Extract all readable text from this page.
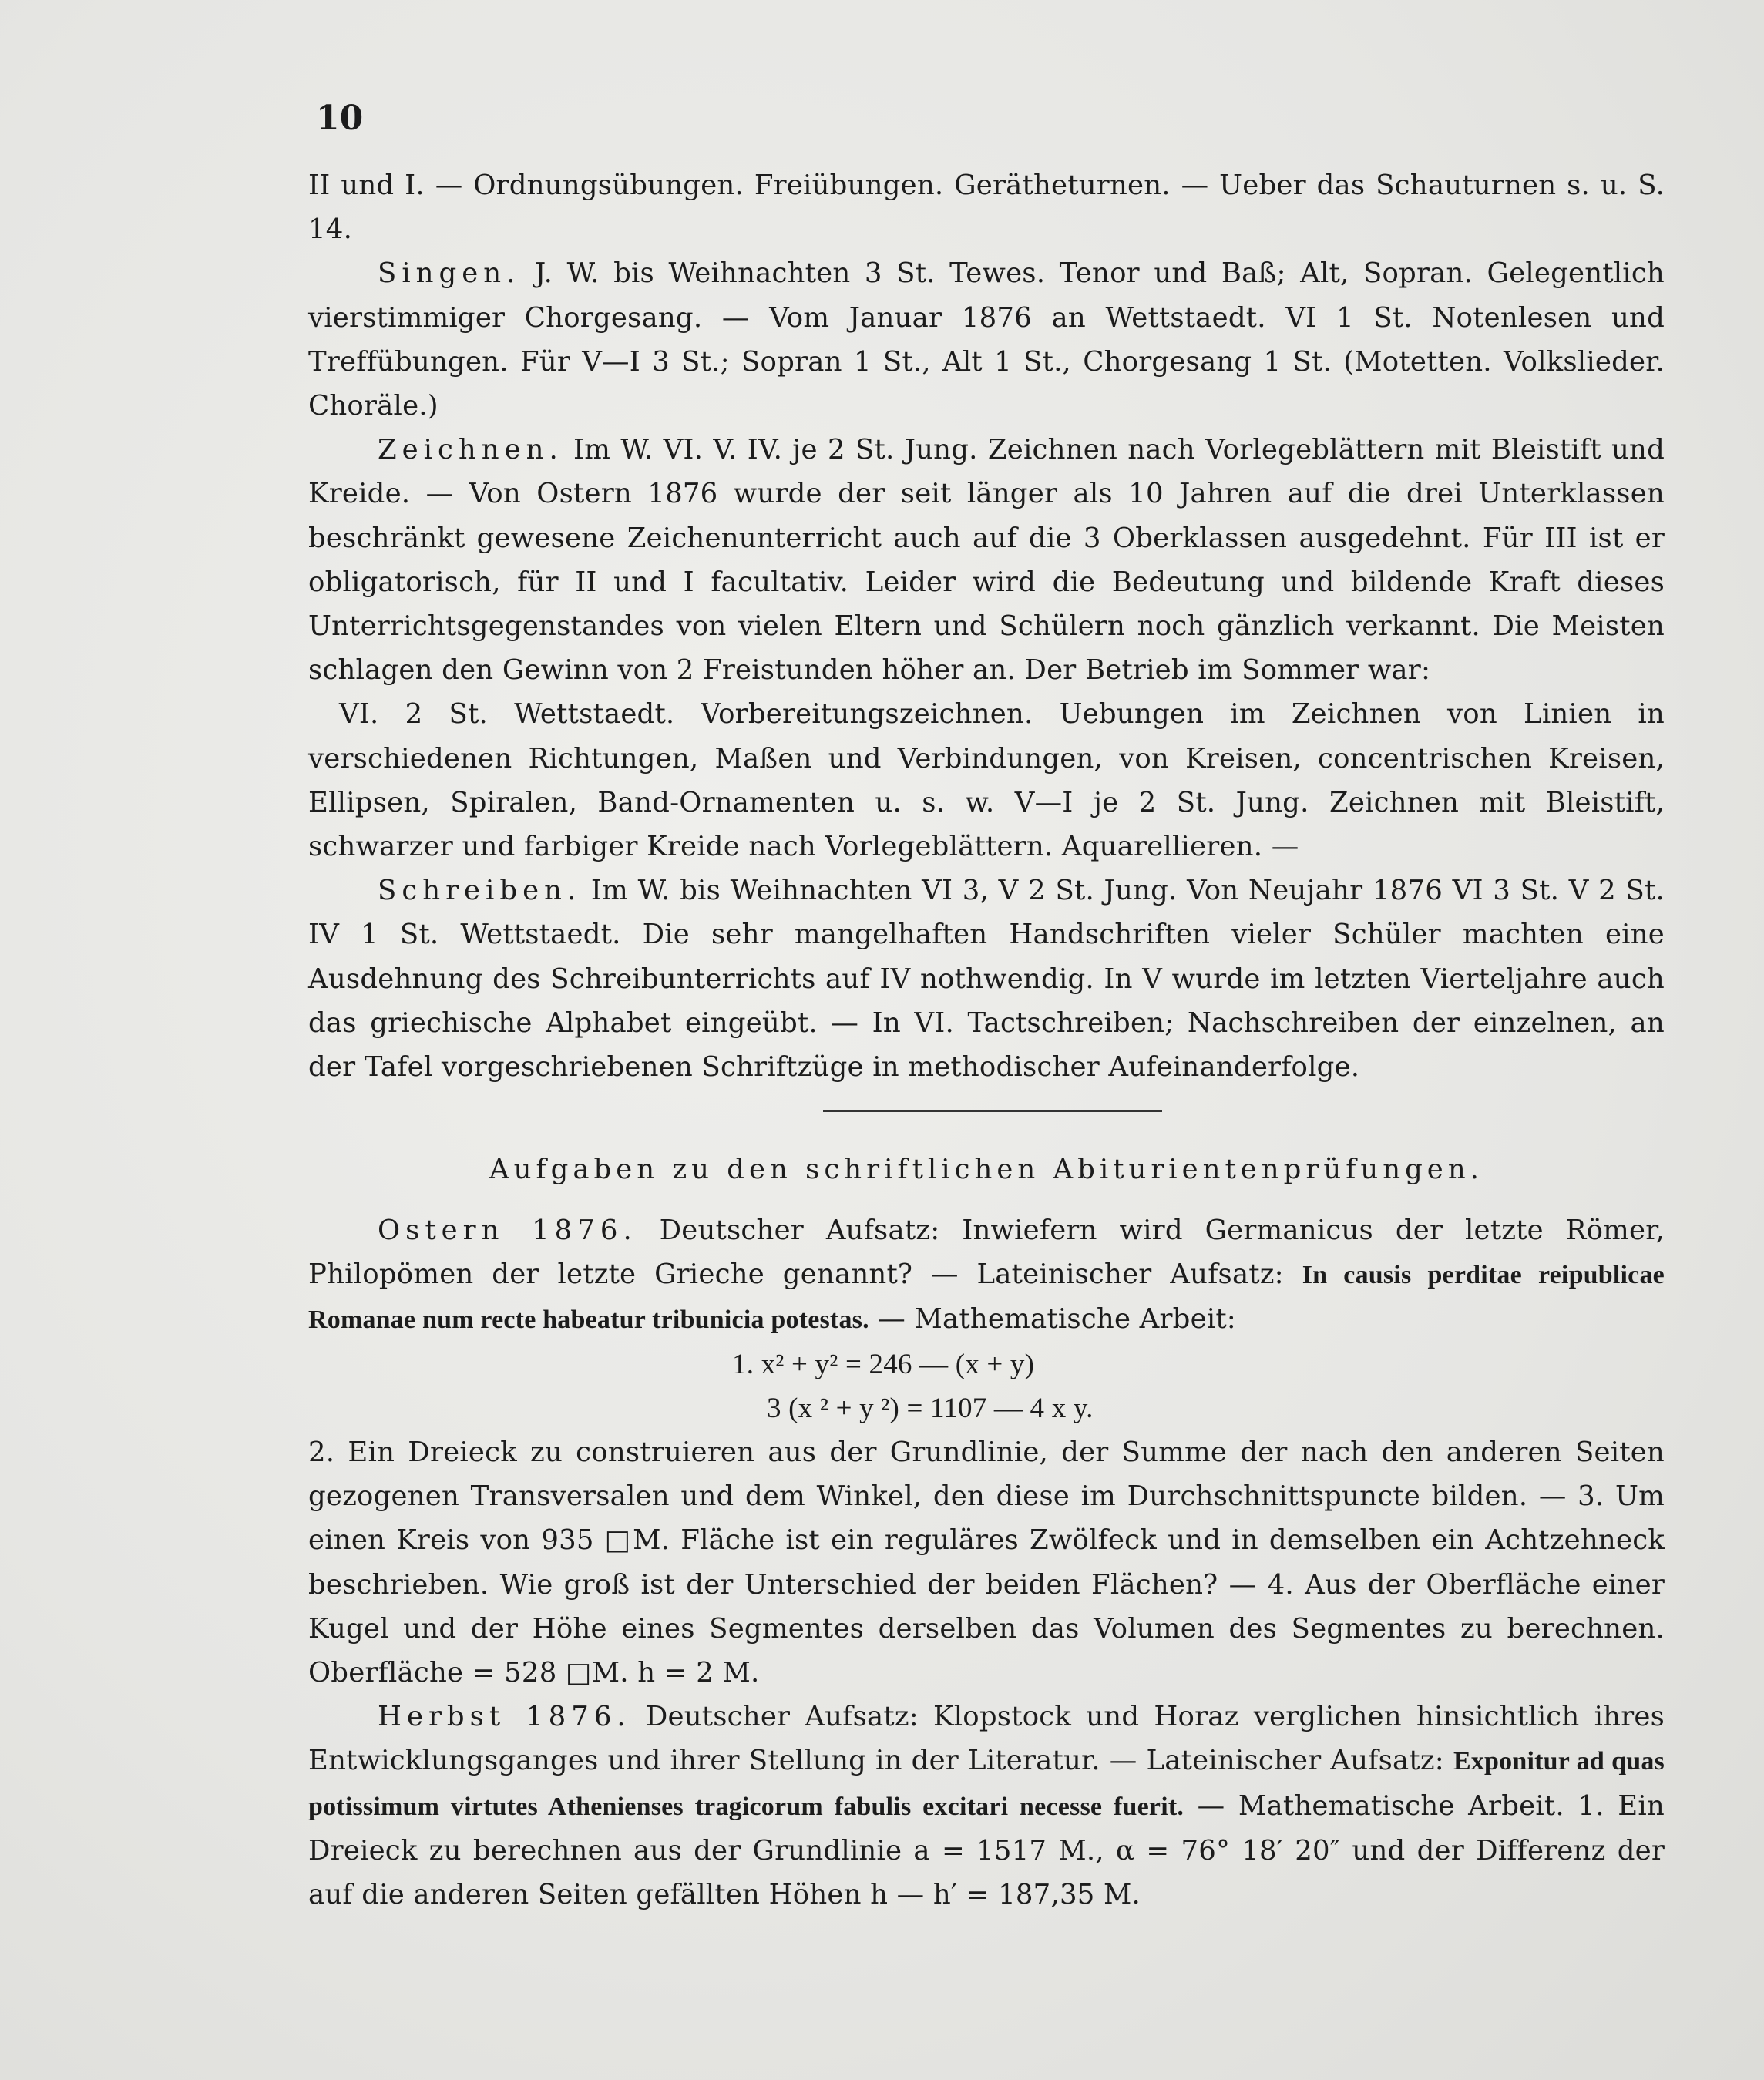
10

II und I. — Ordnungsübungen. Freiübungen. Gerätheturnen. — Ueber das Schauturnen s. u. S. 14.

Singen. J. W. bis Weihnachten 3 St. Tewes. Tenor und Baß; Alt, Sopran. Gelegentlich vierstimmiger Chorgesang. — Vom Januar 1876 an Wettstaedt. VI 1 St. Notenlesen und Treffübungen. Für V—I 3 St.; Sopran 1 St., Alt 1 St., Chorgesang 1 St. (Motetten. Volkslieder. Choräle.)

Zeichnen. Im W. VI. V. IV. je 2 St. Jung. Zeichnen nach Vorlegeblättern mit Bleistift und Kreide. — Von Ostern 1876 wurde der seit länger als 10 Jahren auf die drei Unterklassen beschränkt gewesene Zeichenunterricht auch auf die 3 Oberklassen ausgedehnt. Für III ist er obligatorisch, für II und I facultativ. Leider wird die Bedeutung und bildende Kraft dieses Unterrichtsgegenstandes von vielen Eltern und Schülern noch gänzlich verkannt. Die Meisten schlagen den Gewinn von 2 Freistunden höher an. Der Betrieb im Sommer war:

VI. 2 St. Wettstaedt. Vorbereitungszeichnen. Uebungen im Zeichnen von Linien in verschiedenen Richtungen, Maßen und Verbindungen, von Kreisen, concentrischen Kreisen, Ellipsen, Spiralen, Band-Ornamenten u. s. w. V—I je 2 St. Jung. Zeichnen mit Bleistift, schwarzer und farbiger Kreide nach Vorlegeblättern. Aquarellieren. —

Schreiben. Im W. bis Weihnachten VI 3, V 2 St. Jung. Von Neujahr 1876 VI 3 St. V 2 St. IV 1 St. Wettstaedt. Die sehr mangelhaften Handschriften vieler Schüler machten eine Ausdehnung des Schreibunterrichts auf IV nothwendig. In V wurde im letzten Vierteljahre auch das griechische Alphabet eingeübt. — In VI. Tactschreiben; Nachschreiben der einzelnen, an der Tafel vorgeschriebenen Schriftzüge in methodischer Aufeinanderfolge.

Aufgaben zu den schriftlichen Abiturientenprüfungen.

Ostern 1876. Deutscher Aufsatz: Inwiefern wird Germanicus der letzte Römer, Philopömen der letzte Grieche genannt? — Lateinischer Aufsatz: In causis perditae reipublicae Romanae num recte habeatur tribunicia potestas. — Mathematische Arbeit:

1. x² + y² = 246 — (x + y)

3 (x ² + y ²) = 1107 — 4 x y.

2. Ein Dreieck zu construieren aus der Grundlinie, der Summe der nach den anderen Seiten gezogenen Transversalen und dem Winkel, den diese im Durchschnittspuncte bilden. — 3. Um einen Kreis von 935 □M. Fläche ist ein reguläres Zwölfeck und in demselben ein Achtzehneck beschrieben. Wie groß ist der Unterschied der beiden Flächen? — 4. Aus der Oberfläche einer Kugel und der Höhe eines Segmentes derselben das Volumen des Segmentes zu berechnen. Oberfläche = 528 □M. h = 2 M.

Herbst 1876. Deutscher Aufsatz: Klopstock und Horaz verglichen hinsichtlich ihres Entwicklungsganges und ihrer Stellung in der Literatur. — Lateinischer Aufsatz: Exponitur ad quas potissimum virtutes Athenienses tragicorum fabulis excitari necesse fuerit. — Mathematische Arbeit. 1. Ein Dreieck zu berechnen aus der Grundlinie a = 1517 M., α = 76° 18′ 20″ und der Differenz der auf die anderen Seiten gefällten Höhen h — h′ = 187,35 M.
